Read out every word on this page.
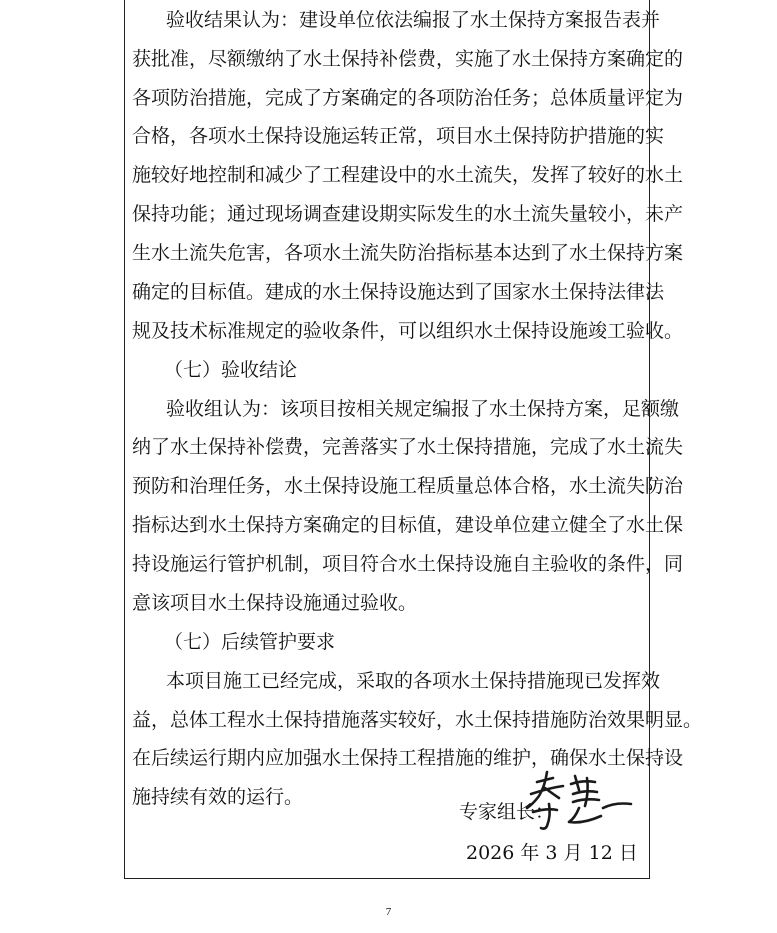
验收结果认为：建设单位依法编报了水土保持方案报告表并
获批准，尽额缴纳了水土保持补偿费，实施了水土保持方案确定的
各项防治措施，完成了方案确定的各项防治任务；总体质量评定为
合格，各项水土保持设施运转正常，项目水土保持防护措施的实
施较好地控制和减少了工程建设中的水土流失，发挥了较好的水土
保持功能；通过现场调查建设期实际发生的水土流失量较小，未产
生水土流失危害，各项水土流失防治指标基本达到了水土保持方案
确定的目标值。建成的水土保持设施达到了国家水土保持法律法
规及技术标准规定的验收条件，可以组织水土保持设施竣工验收。
（七）验收结论
验收组认为：该项目按相关规定编报了水土保持方案，足额缴
纳了水土保持补偿费，完善落实了水土保持措施，完成了水土流失
预防和治理任务，水土保持设施工程质量总体合格，水土流失防治
指标达到水土保持方案确定的目标值，建设单位建立健全了水土保
持设施运行管护机制，项目符合水土保持设施自主验收的条件，同
意该项目水土保持设施通过验收。
（七）后续管护要求
本项目施工已经完成，采取的各项水土保持措施现已发挥效
益，总体工程水土保持措施落实较好，水土保持措施防治效果明显。
在后续运行期内应加强水土保持工程措施的维护，确保水土保持设
施持续有效的运行。
专家组长：
2026 年 3 月 12 日
7
